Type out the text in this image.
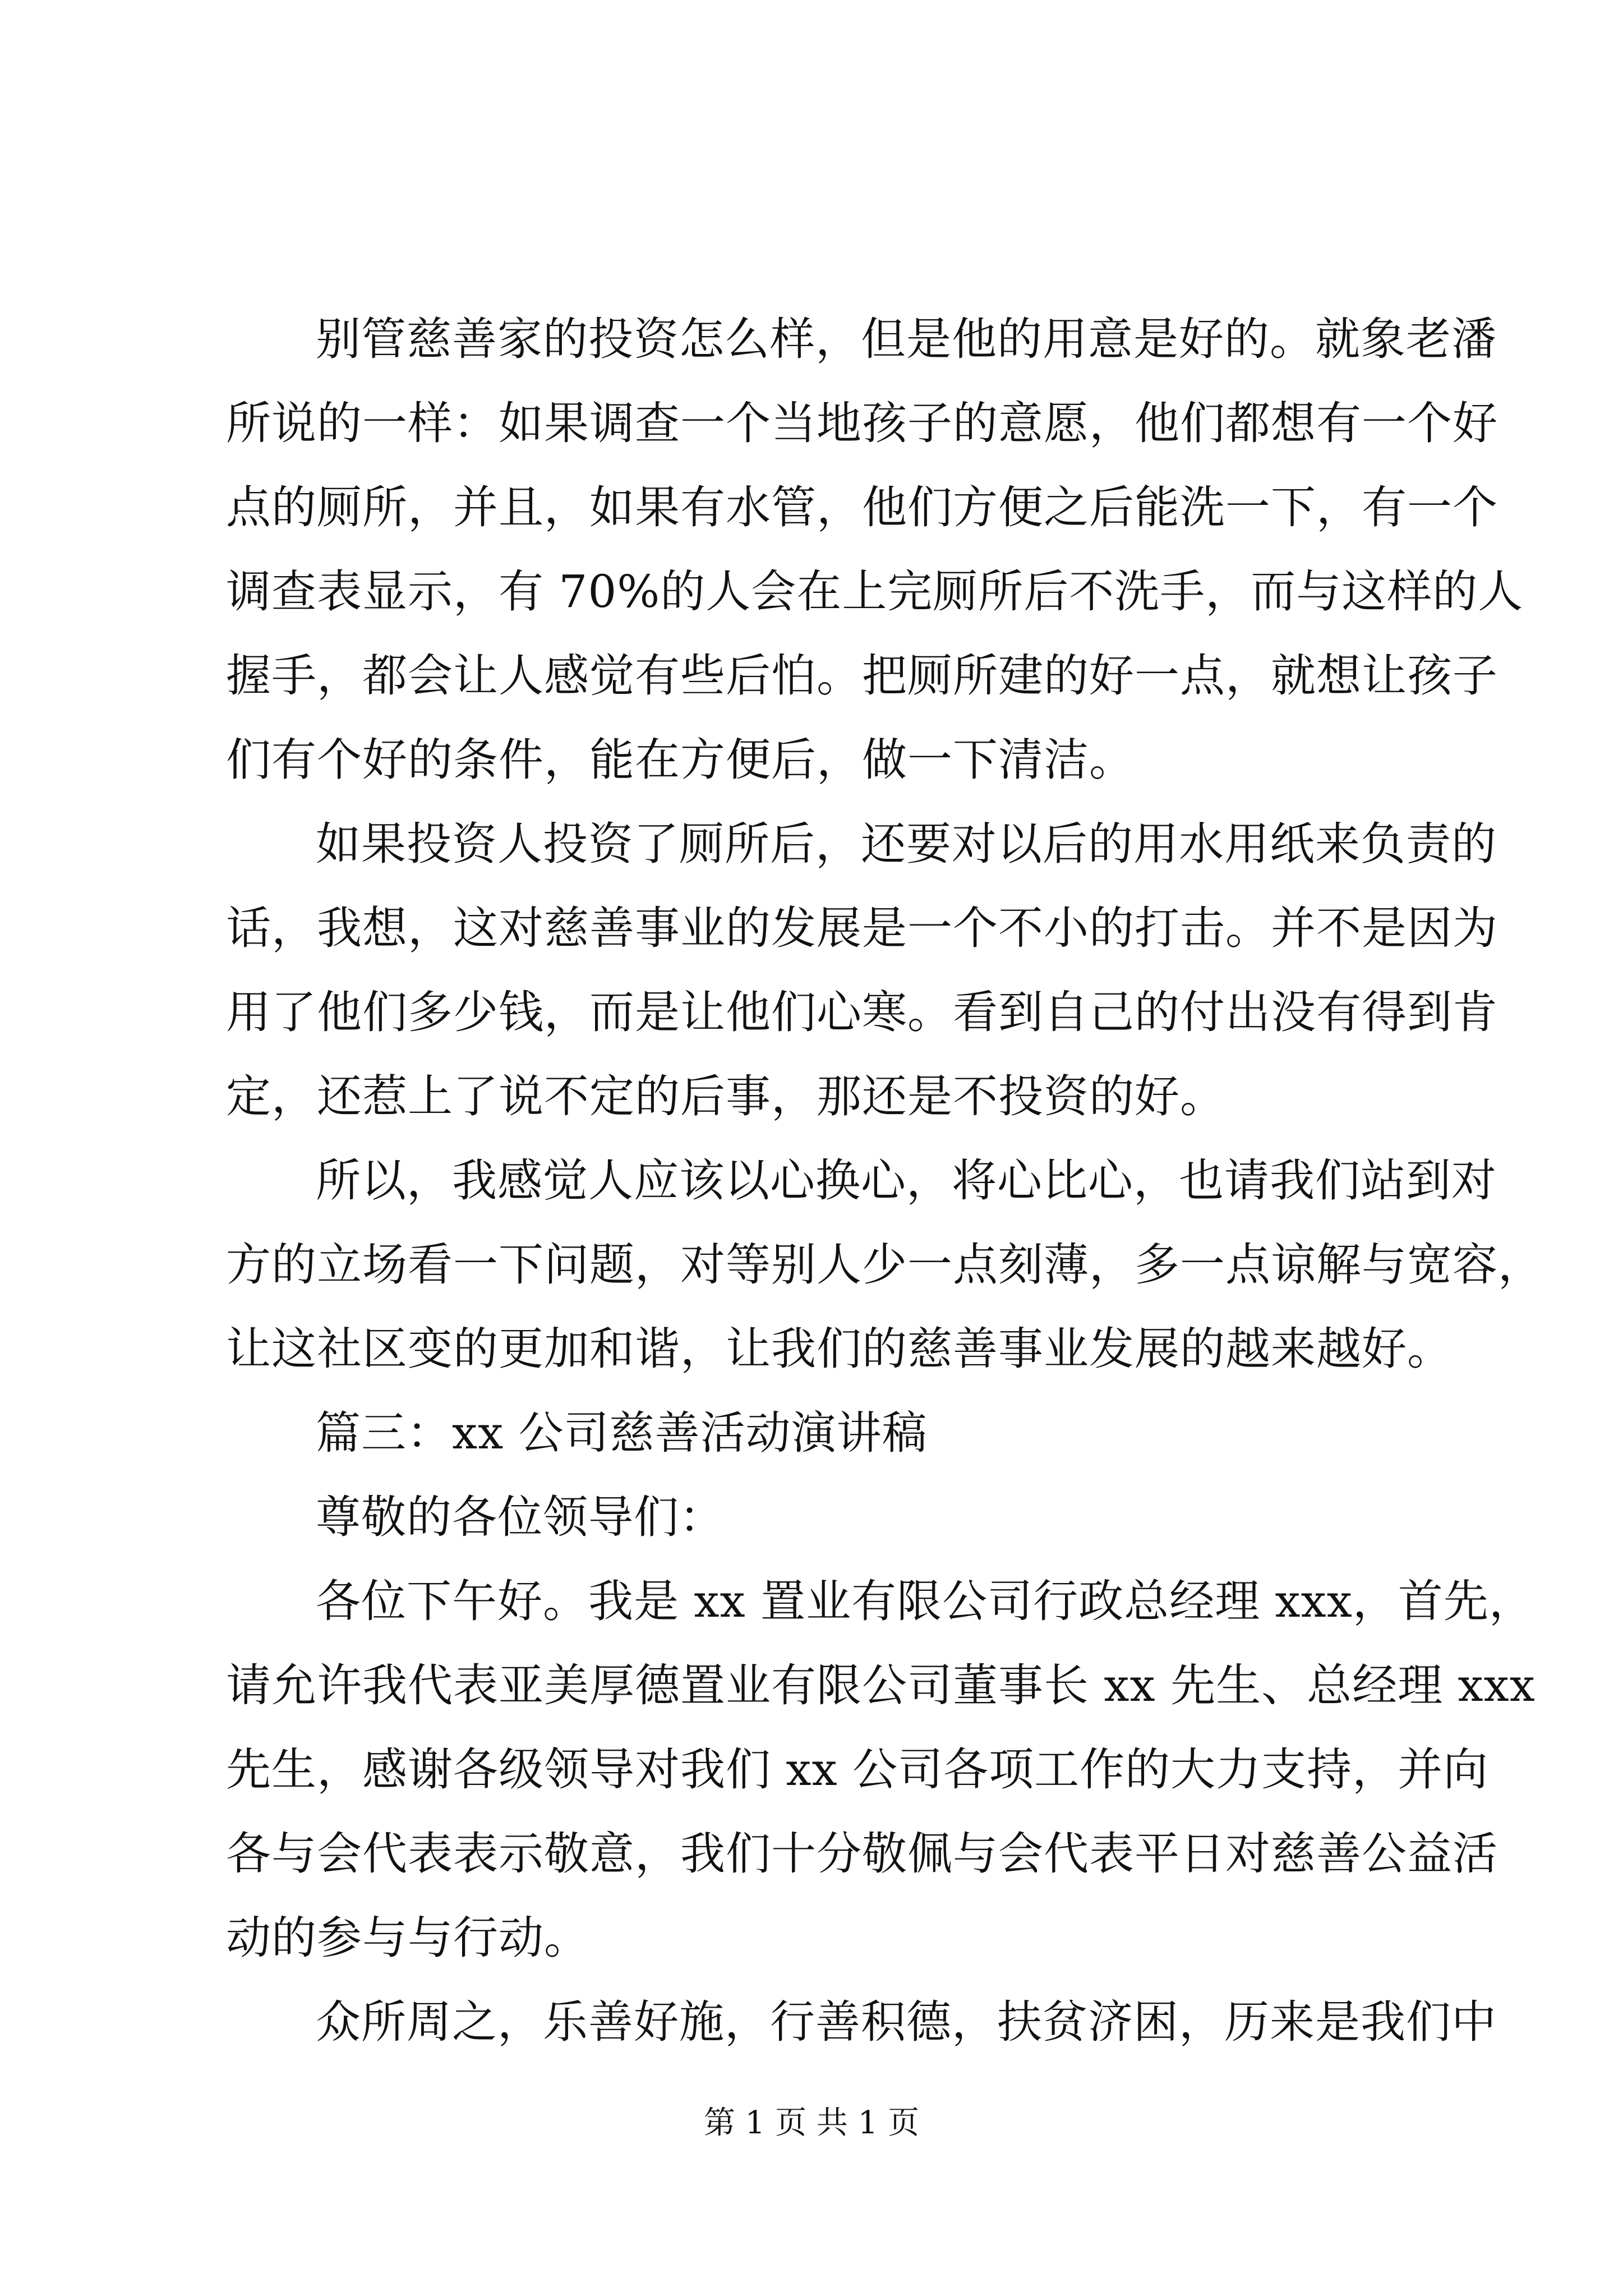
别管慈善家的投资怎么样，但是他的用意是好的。就象老潘
所说的一样：如果调查一个当地孩子的意愿，他们都想有一个好
点的厕所，并且，如果有水管，他们方便之后能洗一下，有一个
调查表显示，有 70%的人会在上完厕所后不洗手，而与这样的人
握手，都会让人感觉有些后怕。把厕所建的好一点，就想让孩子
们有个好的条件，能在方便后，做一下清洁。
如果投资人投资了厕所后，还要对以后的用水用纸来负责的
话，我想，这对慈善事业的发展是一个不小的打击。并不是因为
用了他们多少钱，而是让他们心寒。看到自己的付出没有得到肯
定，还惹上了说不定的后事，那还是不投资的好。
所以，我感觉人应该以心换心，将心比心，也请我们站到对
方的立场看一下问题，对等别人少一点刻薄，多一点谅解与宽容，
让这社区变的更加和谐，让我们的慈善事业发展的越来越好。
篇三：xx 公司慈善活动演讲稿
尊敬的各位领导们：
各位下午好。我是 xx 置业有限公司行政总经理 xxx，首先，
请允许我代表亚美厚德置业有限公司董事长 xx 先生、总经理 xxx
先生，感谢各级领导对我们 xx 公司各项工作的大力支持，并向
各与会代表表示敬意，我们十分敬佩与会代表平日对慈善公益活
动的参与与行动。
众所周之，乐善好施，行善积德，扶贫济困，历来是我们中
第 1 页 共 1 页
